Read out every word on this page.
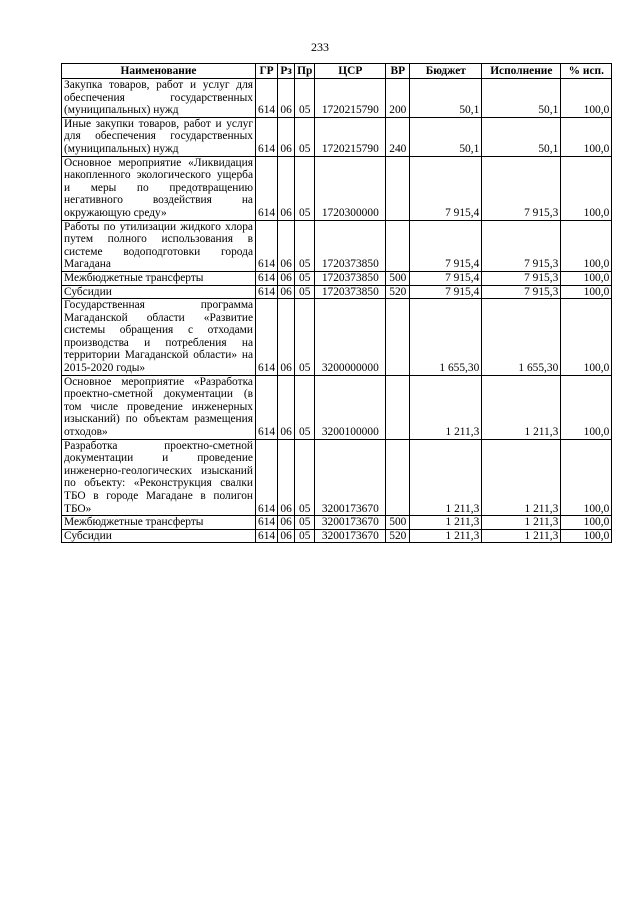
233
Наименование	ГР	Рз	Пр	ЦСР	ВР	Бюджет	Исполнение	% исп.
Закупка товаров, работ и услуг для обеспечения государственных (муниципальных) нужд	614	06	05	1720215790	200	50,1	50,1	100,0
Иные закупки товаров, работ и услуг для обеспечения государственных (муниципальных) нужд	614	06	05	1720215790	240	50,1	50,1	100,0
Основное мероприятие «Ликвидация накопленного экологического ущерба и меры по предотвращению негативного воздействия на окружающую среду»	614	06	05	1720300000		7 915,4	7 915,3	100,0
Работы по утилизации жидкого хлора путем полного использования в системе водоподготовки города Магадана	614	06	05	1720373850		7 915,4	7 915,3	100,0
Межбюджетные трансферты	614	06	05	1720373850	500	7 915,4	7 915,3	100,0
Субсидии	614	06	05	1720373850	520	7 915,4	7 915,3	100,0
Государственная программа Магаданской области «Развитие системы обращения с отходами производства и потребления на территории Магаданской области» на 2015-2020 годы»	614	06	05	3200000000		1 655,30	1 655,30	100,0
Основное мероприятие «Разработка проектно-сметной документации (в том числе проведение инженерных изысканий) по объектам размещения отходов»	614	06	05	3200100000		1 211,3	1 211,3	100,0
Разработка проектно-сметной документации и проведение инженерно-геологических изысканий по объекту: «Реконструкция свалки ТБО в городе Магадане в полигон ТБО»	614	06	05	3200173670		1 211,3	1 211,3	100,0
Межбюджетные трансферты	614	06	05	3200173670	500	1 211,3	1 211,3	100,0
Субсидии	614	06	05	3200173670	520	1 211,3	1 211,3	100,0
